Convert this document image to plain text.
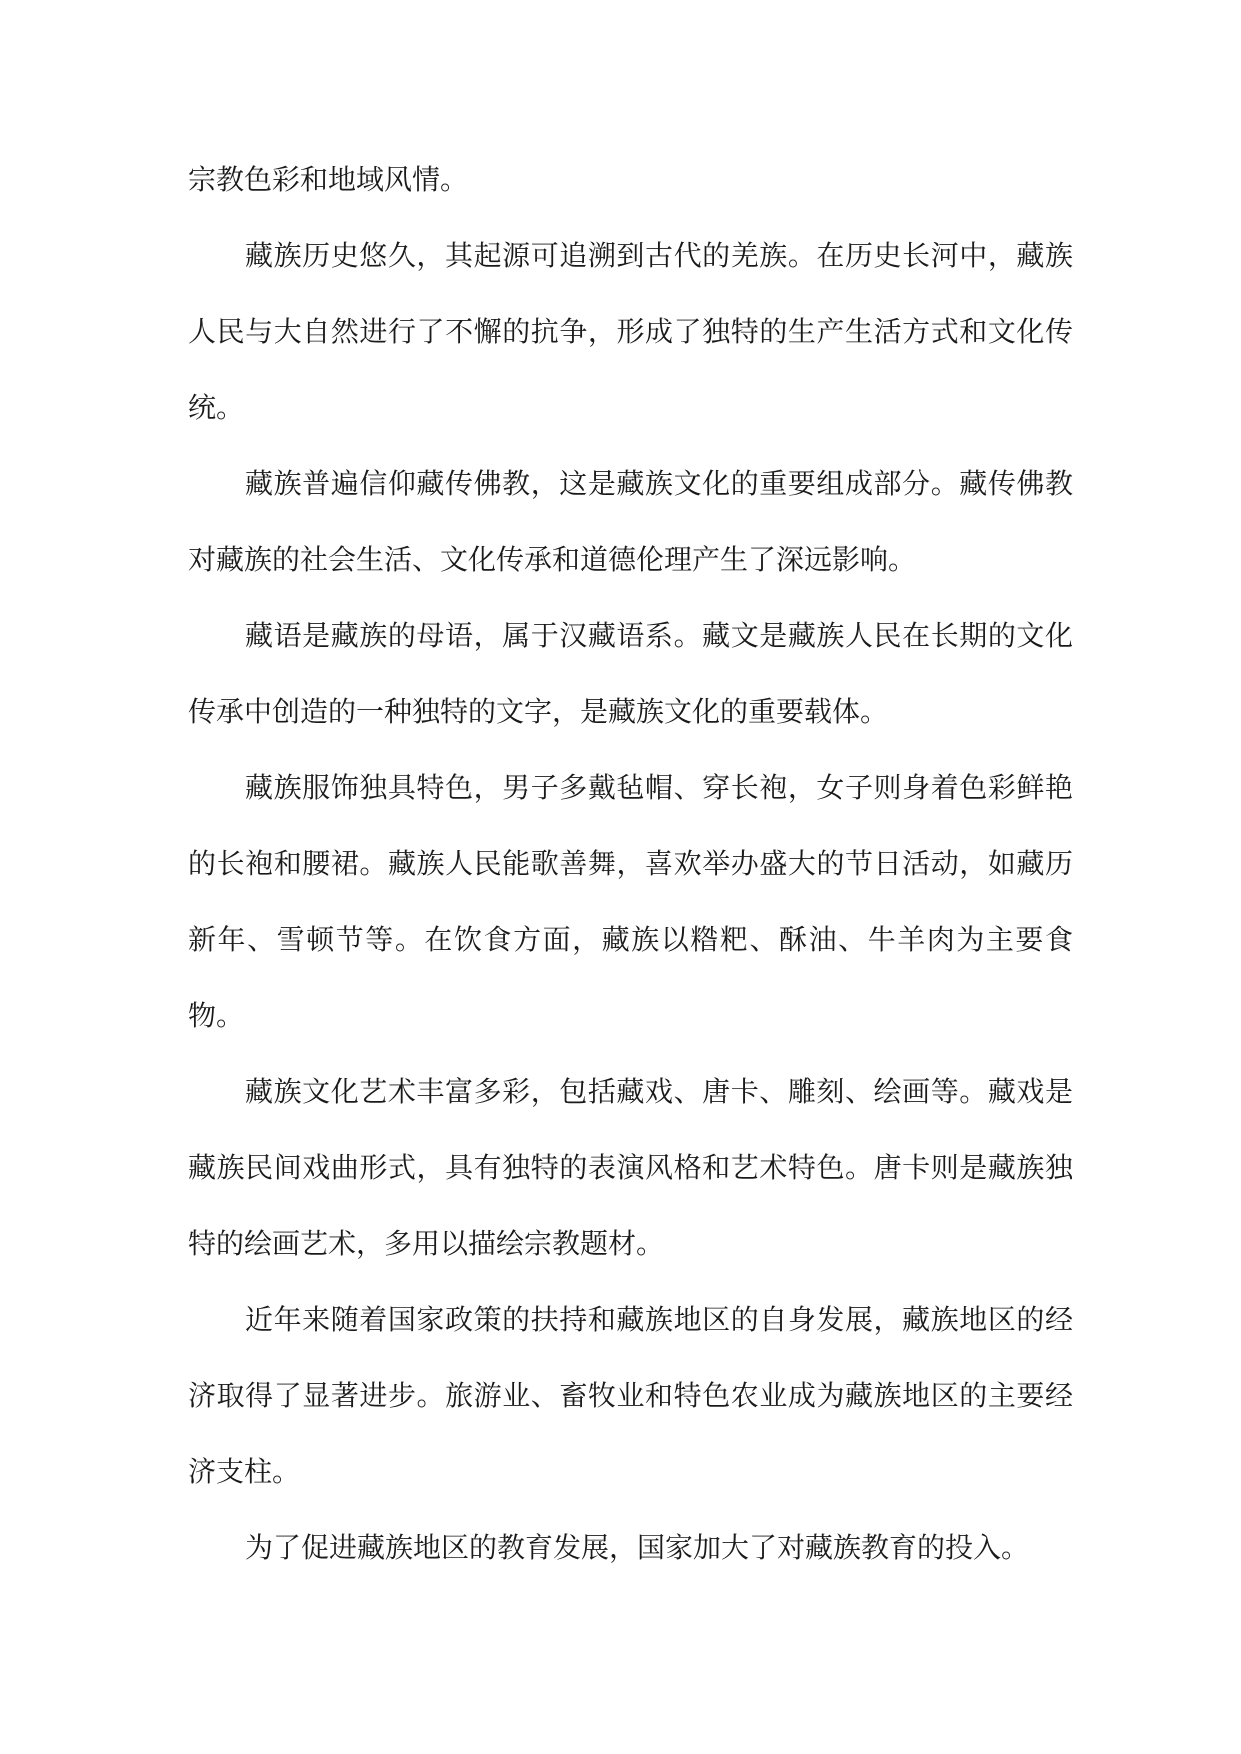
宗教色彩和地域风情。

藏族历史悠久，其起源可追溯到古代的羌族。在历史长河中，藏族人民与大自然进行了不懈的抗争，形成了独特的生产生活方式和文化传统。

藏族普遍信仰藏传佛教，这是藏族文化的重要组成部分。藏传佛教对藏族的社会生活、文化传承和道德伦理产生了深远影响。

藏语是藏族的母语，属于汉藏语系。藏文是藏族人民在长期的文化传承中创造的一种独特的文字，是藏族文化的重要载体。

藏族服饰独具特色，男子多戴毡帽、穿长袍，女子则身着色彩鲜艳的长袍和腰裙。藏族人民能歌善舞，喜欢举办盛大的节日活动，如藏历新年、雪顿节等。在饮食方面，藏族以糌粑、酥油、牛羊肉为主要食物。

藏族文化艺术丰富多彩，包括藏戏、唐卡、雕刻、绘画等。藏戏是藏族民间戏曲形式，具有独特的表演风格和艺术特色。唐卡则是藏族独特的绘画艺术，多用以描绘宗教题材。

近年来随着国家政策的扶持和藏族地区的自身发展，藏族地区的经济取得了显著进步。旅游业、畜牧业和特色农业成为藏族地区的主要经济支柱。

为了促进藏族地区的教育发展，国家加大了对藏族教育的投入。
